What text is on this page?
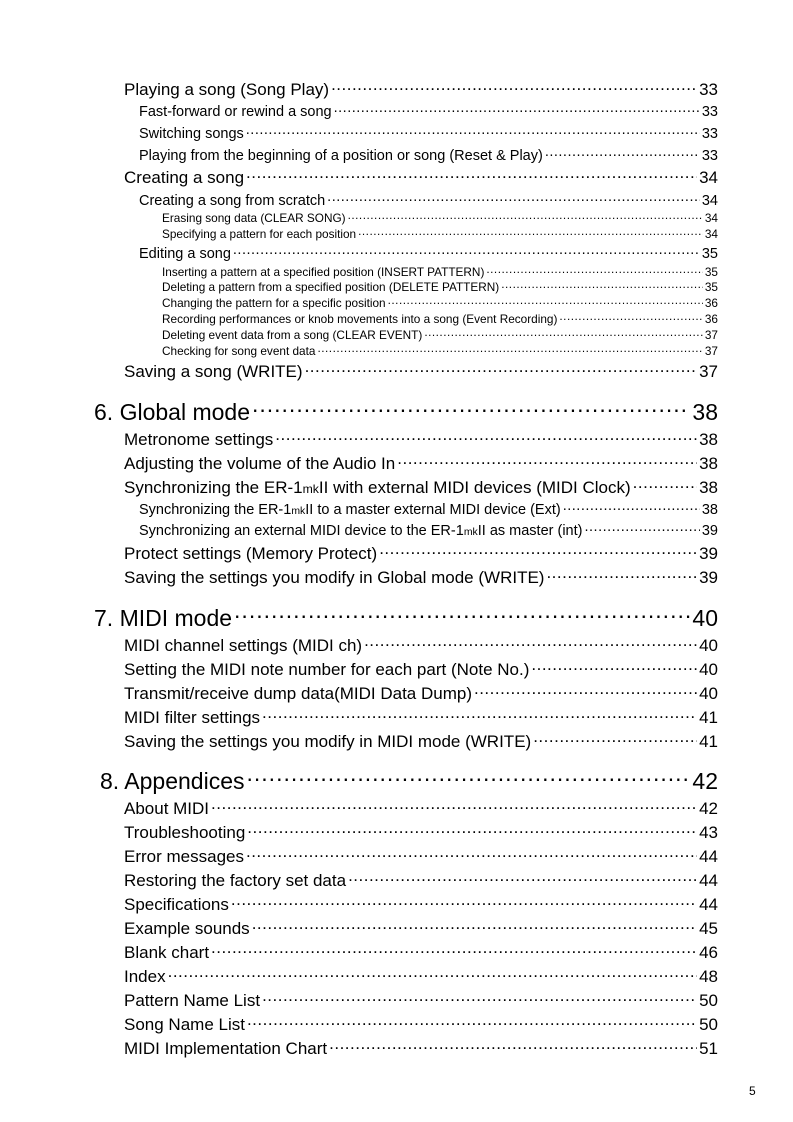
Playing a song (Song Play) .....	33
Fast-forward or rewind a song .....	33
Switching songs .....	33
Playing from the beginning of a position or song (Reset & Play) .....	33
Creating a song .....	34
Creating a song from scratch .....	34
Erasing song data (CLEAR SONG) .....	34
Specifying a pattern for each position .....	34
Editing a song .....	35
Inserting a pattern at a specified position (INSERT PATTERN) .....	35
Deleting a pattern from a specified position (DELETE PATTERN) .....	35
Changing the pattern for a specific position .....	36
Recording performances or knob movements into a song (Event Recording) .....	36
Deleting event data from a song (CLEAR EVENT) .....	37
Checking for song event data .....	37
Saving a song (WRITE) .....	37
6. Global mode .....	38
Metronome settings .....	38
Adjusting the volume of the Audio In .....	38
Synchronizing the ER-1mkII with external MIDI devices (MIDI Clock) .....	38
Synchronizing the ER-1mkII to a master external MIDI device (Ext) .....	38
Synchronizing an external MIDI device to the ER-1mkII as master (int) .....	39
Protect settings (Memory Protect) .....	39
Saving the settings you modify in Global mode (WRITE) .....	39
7. MIDI mode .....	40
MIDI channel settings (MIDI ch) .....	40
Setting the MIDI note number for each part (Note No.) .....	40
Transmit/receive dump data(MIDI Data Dump) .....	40
MIDI filter settings .....	41
Saving the settings you modify in MIDI mode (WRITE) .....	41
8. Appendices .....	42
About MIDI .....	42
Troubleshooting .....	43
Error messages .....	44
Restoring the factory set data .....	44
Specifications .....	44
Example sounds .....	45
Blank chart .....	46
Index .....	48
Pattern Name List .....	50
Song Name List .....	50
MIDI Implementation Chart .....	51
5
